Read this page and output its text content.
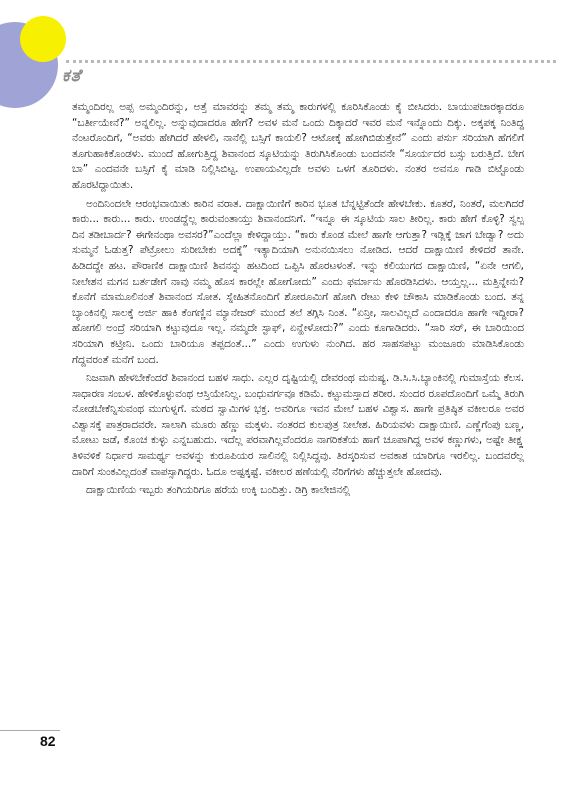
ಕತೆ

ತಮ್ಮಂದಿರಲ್ಲ ಅಪ್ಪ ಅಮ್ಮಂದಿರನ್ನು, ಅತ್ತೆ ಮಾವರನ್ನು ತಮ್ಮ ತಮ್ಮ ಕಾರುಗಳಲ್ಲಿ ಕೂರಿಸಿಕೊಂಡು ಕೈ ಬೀಸಿದರು. ಬಾಯುಪಚಾರಕ್ಕಾದರೂ “ಬರ್ತೀಯೇನೆ?” ಅನ್ನಲಿಲ್ಲ. ಅನ್ನುವುದಾದರೂ ಹೇಗೆ? ಅವಳ ಮನೆ ಒಂದು ದಿಕ್ಕಾದರೆ ಇವರ ಮನೆ ಇನ್ನೊಂದು ದಿಕ್ಕು. ಅಕ್ಕಪಕ್ಕ ನಿಂತಿದ್ದ ನೆಂಟರೊಂದಿಗೆ, “ಅವರು ಹೇಗಿದರೆ ಹೇಳಲಿ, ನಾನೆಲ್ಲಿ ಬಸ್ಸಿಗೆ ಕಾಯಲಿ? ಆಟೋಕ್ಕೆ ಹೋಗಿಬಿಡುತ್ತೇನೆ” ಎಂದು ಪರ್ಸು ಸರಿಯಾಗಿ ಹೆಗಲಿಗೆ ತೂಗುಹಾಕಿಕೊಂಡಳು. ಮುಂದೆ ಹೋಗುತ್ತಿದ್ದ ಶಿವಾನಂದ ಸ್ಕೂಟಿಯನ್ನು ತಿರುಗಿಸಿಕೊಂಡು ಬಂದವನೇ “ಸೂರ್ಯದರ ಬಸ್ಸು ಬರುತ್ತಿದೆ. ಬೇಗ ಬಾ” ಎಂದವನೇ ಬಸ್ಸಿಗೆ ಕೈ ಮಾಡಿ ನಿಲ್ಲಿಸಿಬಿಟ್ಟ. ಉಪಾಯವಿಲ್ಲದೇ ಅವಳು ಒಳಗೆ ತೂರಿದಳು. ನಂತರ ಅವನೂ ಗಾಡಿ ಬಿಟ್ಟೊಂಡು ಹೊರಟಿದ್ದಾಯಿತು.

ಅಂದಿನಿಂದಲೇ ಆರಂಭವಾಯಿತು ಕಾರಿನ ವರಾತ. ದಾಕ್ಷಾಯಿಣಿಗೆ ಕಾರಿನ ಭೂತ ಬೆನ್ನಟ್ಟಿತೆಂದೇ ಹೇಳಬೇಕು. ಕೂತರೆ, ನಿಂತರೆ, ಮಲಗಿದರೆ ಕಾರು... ಕಾರು... ಕಾರು. ಉಂಡದ್ದೆಲ್ಲ ಕಾರುವಂತಾಯ್ತು ಶಿವಾನಂದನಿಗೆ. “ಇನ್ನೂ ಈ ಸ್ಕೂಟಿಯ ಸಾಲ ತೀರಿಲ್ಲ. ಕಾರು ಹೇಗೆ ಕೊಳ್ಳಿ? ಸ್ವಲ್ಪ ದಿನ ತಡೀಬಾರ್ದ? ಈಗೇನಂಥಾ ಅವಸರ?”ಎಂದೆಲ್ಲಾ ಕೇಳಿದ್ದಾಯ್ತು. “ಕಾರು ಕೊಂಡ ಮೇಲೆ ಹಾಗೇ ಆಗುತ್ತಾ? ಇಡ್ಲಿಕ್ಕೆ ಜಾಗ ಬೇಡ್ವಾ? ಅದು ಸುಮ್ಮನೆ ಓಡುತ್ತ? ಪೆಟ್ರೋಲು ಸುರೀಬೇಕು ಅದಕ್ಕೆ” ಇತ್ಯಾದಿಯಾಗಿ ಅನುನಯಿಸಲು ನೋಡಿದ. ಆದರೆ ದಾಕ್ಷಾಯಿಣಿ ಕೇಳಿದರೆ ತಾನೇ. ಹಿಡಿದದ್ದೇ ಹಟ. ಪೌರಾಣಿಕ ದಾಕ್ಷಾಯಿಣಿ ಶಿವನನ್ನು ಹಟದಿಂದ ಒಪ್ಪಿಸಿ ಹೊರಟಳಂತೆ. ಇನ್ನು ಕಲಿಯುಗದ ದಾಕ್ಷಾಯಿಣಿ, “ಏನೇ ಆಗಲಿ, ನೀಲೇಶನ ಮಗನ ಬರ್ತಡೇಗೆ ನಾವು ನಮ್ಮ ಹೊಸ ಕಾರಲ್ಲೇ ಹೋಗೋದು” ಎಂದು ಫರ್ಮಾನು ಹೊರಡಿಸಿದಳು. ಆಯ್ತಲ್ಲ... ಮತ್ತಿನ್ನೇನು? ಕೊನೆಗೆ ಮಾಮೂಲಿನಂತೆ ಶಿವಾನಂದ ಸೋತ. ಸ್ನೇಹಿತನೊಂದಿಗೆ ಶೋರೂಮಿಗೆ ಹೋಗಿ ರೇಟು ಕೇಳಿ ಚೌಕಾಸಿ ಮಾಡಿಕೊಂಡು ಬಂದ. ತನ್ನ ಬ್ಯಾಂಕಿನಲ್ಲಿ ಸಾಲಕ್ಕೆ ಅರ್ಜಿ ಹಾಕಿ ಕೆಂಗಣ್ಣಿನ ಮ್ಯಾನೇಜರ್ ಮುಂದೆ ತಲೆ ತಗ್ಗಿಸಿ ನಿಂತ. “ಏನ್ರೀ, ಸಾಲವಿಲ್ಲದೆ ಎಂದಾದರೂ ಹಾಗೇ ಇದ್ದೀರಾ? ಹೋಗಲಿ ಅಂದ್ರೆ ಸರಿಯಾಗಿ ಕಟ್ಟುವುದೂ ಇಲ್ಲ. ನಮ್ಮದೇ ಸ್ಟಾಫ್, ಏನ್ಹೇಳೋದು?” ಎಂದು ಕೂಗಾಡಿದರು. “ಸಾರಿ ಸರ್, ಈ ಬಾರಿಯಿಂದ ಸರಿಯಾಗಿ ಕಟ್ತೀನಿ. ಒಂದು ಬಾರಿಯೂ ತಪ್ಪದಂತೆ...” ಎಂದು ಉಗುಳು ನುಂಗಿದ. ಹರ ಸಾಹಸಪಟ್ಟು ಮಂಜೂರು ಮಾಡಿಸಿಕೊಂಡು ಗೆದ್ದವರಂತೆ ಮನೆಗೆ ಬಂದ.

ನಿಜವಾಗಿ ಹೇಳಬೇಕೆಂದರೆ ಶಿವಾನಂದ ಬಹಳ ಸಾಧು. ಎಲ್ಲರ ದೃಷ್ಟಿಯಲ್ಲಿ ದೇವರಂಥ ಮನುಷ್ಯ. ಡಿ.ಸಿ.ಸಿ.ಬ್ಯಾಂಕಿನಲ್ಲಿ ಗುಮಾಸ್ತೆಯ ಕೆಲಸ. ಸಾಧಾರಣ ಸಂಬಳ. ಹೇಳಿಕೊಳ್ಳುವಂಥ ಆಸ್ತಿಯೇನಿಲ್ಲ. ಬಂಧುವರ್ಗವೂ ಕಡಿಮೆ. ಕಟ್ಟುಮಸ್ತಾದ ಶರೀರ. ಸುಂದರ ರೂಪದೊಂದಿಗೆ ಒಮ್ಮೆ ತಿರುಗಿ ನೋಡಬೇಕೆನ್ನಿಸುವಂಥ ಮುಗುಳ್ನಗೆ. ಮಠದ ಸ್ವಾಮಿಗಳ ಭಕ್ತ. ಅವರಿಗೂ ಇವನ ಮೇಲೆ ಬಹಳ ವಿಶ್ವಾಸ. ಹಾಗೇ ಪ್ರತಿಷ್ಠಿತ ವಕೀಲರೂ ಅವರ ವಿಶ್ವಾಸಕ್ಕೆ ಪಾತ್ರರಾದವರೇ. ಸಾಲಾಗಿ ಮೂರು ಹೆಣ್ಣು ಮಕ್ಕಳು. ನಂತರದ ಕುಲಪುತ್ರ ನೀಲೇಶ. ಹಿರಿಯವಳು ದಾಕ್ಷಾಯಿಣಿ. ಎಣ್ಣೆಗೆಂಪು ಬಣ್ಣ, ಮೋಟು ಜಡೆ, ಕೊಂಚ ಕುಳ್ಳು ಎನ್ನಬಹುದು. ಇದೆಲ್ಲ ಪರವಾಗಿಲ್ಲವೆಂದರೂ ನಾಗರಿಕತೆಯ ಹಾಗೆ ಚೂಪಾಗಿದ್ದ ಅವಳ ಕಣ್ಣುಗಳು, ಅಷ್ಟೇ ತೀಕ್ಷ್ಣ ತಿಳಿವಳಿಕೆ ನಿರ್ಧಾರ ಸಾಮರ್ಥ್ಯ ಅವಳನ್ನು ಕುರೂಪಿಯರ ಸಾಲಿನಲ್ಲಿ ನಿಲ್ಲಿಸಿದ್ದವು. ತಿರಸ್ಕರಿಸುವ ಅವಕಾಶ ಯಾರಿಗೂ ಇರಲಿಲ್ಲ. ಬಂದವರೆಲ್ಲ ದಾರಿಗೆ ಸುಂಕವಿಲ್ಲದಂತೆ ವಾಪಸ್ಸಾಗಿದ್ದರು. ಓದೂ ಅಷ್ಟಕ್ಕಷ್ಟೆ. ವಕೀಲರ ಹಣೆಯಲ್ಲಿ ನೆರಿಗೆಗಳು ಹೆಚ್ಚುತ್ತಲೇ ಹೋದವು.

ದಾಕ್ಷಾಯಿಣಿಯ ಇಬ್ಬರು ತಂಗಿಯರಿಗೂ ಹರೆಯ ಉಕ್ಕಿ ಬಂದಿತ್ತು. ಡಿಗ್ರಿ ಕಾಲೇಜಿನಲ್ಲಿ

82
